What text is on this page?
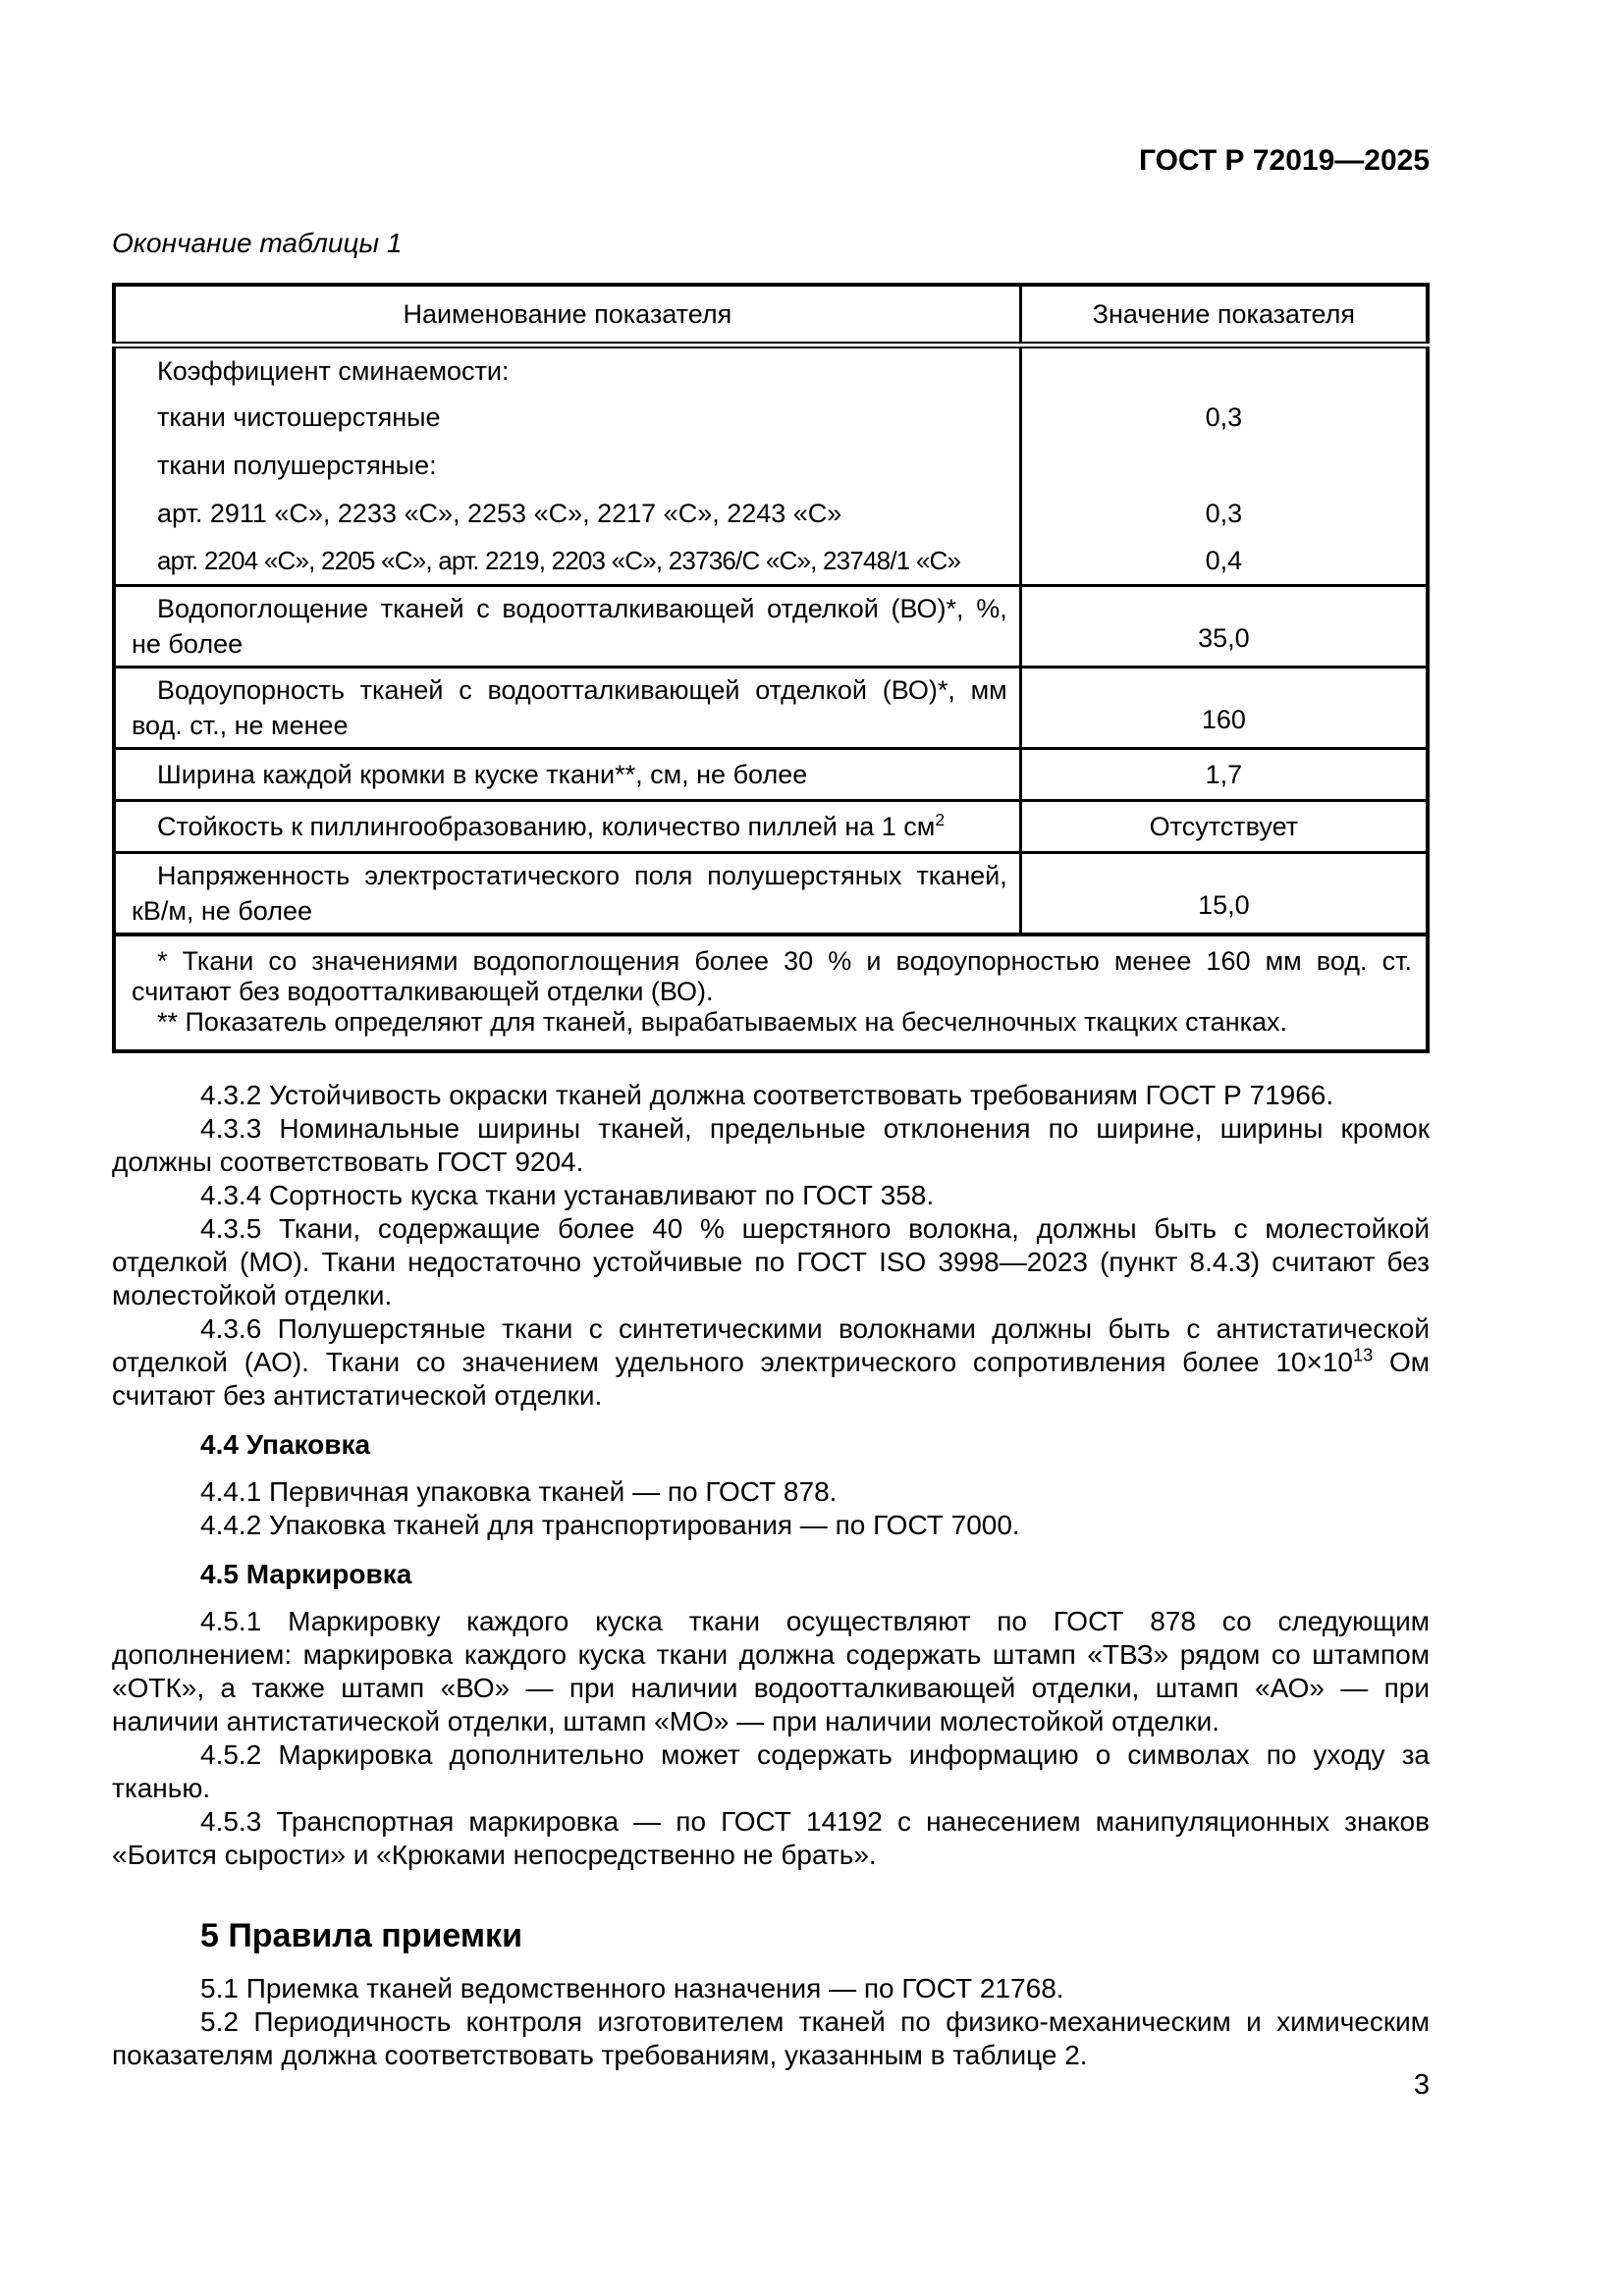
ГОСТ Р 72019—2025
Окончание таблицы 1
Наименование показателя	Значение показателя
Коэффициент сминаемости:	
ткани чистошерстяные	0,3
ткани полушерстяные:	
арт. 2911 «С», 2233 «С», 2253 «С», 2217 «С», 2243 «С»	0,3
арт. 2204 «С», 2205 «С», арт. 2219, 2203 «С», 23736/С «С», 23748/1 «С»	0,4
Водопоглощение тканей с водоотталкивающей отделкой (ВО)*, %, не более	35,0
Водоупорность тканей с водоотталкивающей отделкой (ВО)*, мм вод. ст., не менее	160
Ширина каждой кромки в куске ткани**, см, не более	1,7
Стойкость к пиллингообразованию, количество пиллей на 1 $см^2$	Отсутствует
Напряженность электростатического поля полушерстяных тканей, кВ/м, не более	15,0

* Ткани со значениями водопоглощения более 30 % и водоупорностью менее 160 мм вод. ст. считают без водоотталкивающей отделки (ВО).

** Показатель определяют для тканей, вырабатываемых на бесчелночных ткацких станках.	

4.3.2 Устойчивость окраски тканей должна соответствовать требованиям ГОСТ Р 71966.

4.3.3 Номинальные ширины тканей, предельные отклонения по ширине, ширины кромок должны соответствовать ГОСТ 9204.

4.3.4 Сортность куска ткани устанавливают по ГОСТ 358.

4.3.5 Ткани, содержащие более 40 % шерстяного волокна, должны быть с молестойкой отделкой (МО). Ткани недостаточно устойчивые по ГОСТ ISO 3998—2023 (пункт 8.4.3) считают без молестойкой отделки.

4.3.6 Полушерстяные ткани с синтетическими волокнами должны быть с антистатической отделкой (АО). Ткани со значением удельного электрического сопротивления более $10\times 10^{13}$ Ом считают без антистатической отделки.

4.4 Упаковка

4.4.1 Первичная упаковка тканей — по ГОСТ 878.

4.4.2 Упаковка тканей для транспортирования — по ГОСТ 7000.

4.5 Маркировка

4.5.1 Маркировку каждого куска ткани осуществляют по ГОСТ 878 со следующим дополнением: маркировка каждого куска ткани должна содержать штамп «ТВЗ» рядом со штампом «ОТК», а также штамп «ВО» — при наличии водоотталкивающей отделки, штамп «АО» — при наличии антистатической отделки, штамп «МО» — при наличии молестойкой отделки.

4.5.2 Маркировка дополнительно может содержать информацию о символах по уходу за тканью.

4.5.3 Транспортная маркировка — по ГОСТ 14192 с нанесением манипуляционных знаков «Боится сырости» и «Крюками непосредственно не брать».

5 Правила приемки

5.1 Приемка тканей ведомственного назначения — по ГОСТ 21768.

5.2 Периодичность контроля изготовителем тканей по физико-механическим и химическим показателям должна соответствовать требованиям, указанным в таблице 2.

3
